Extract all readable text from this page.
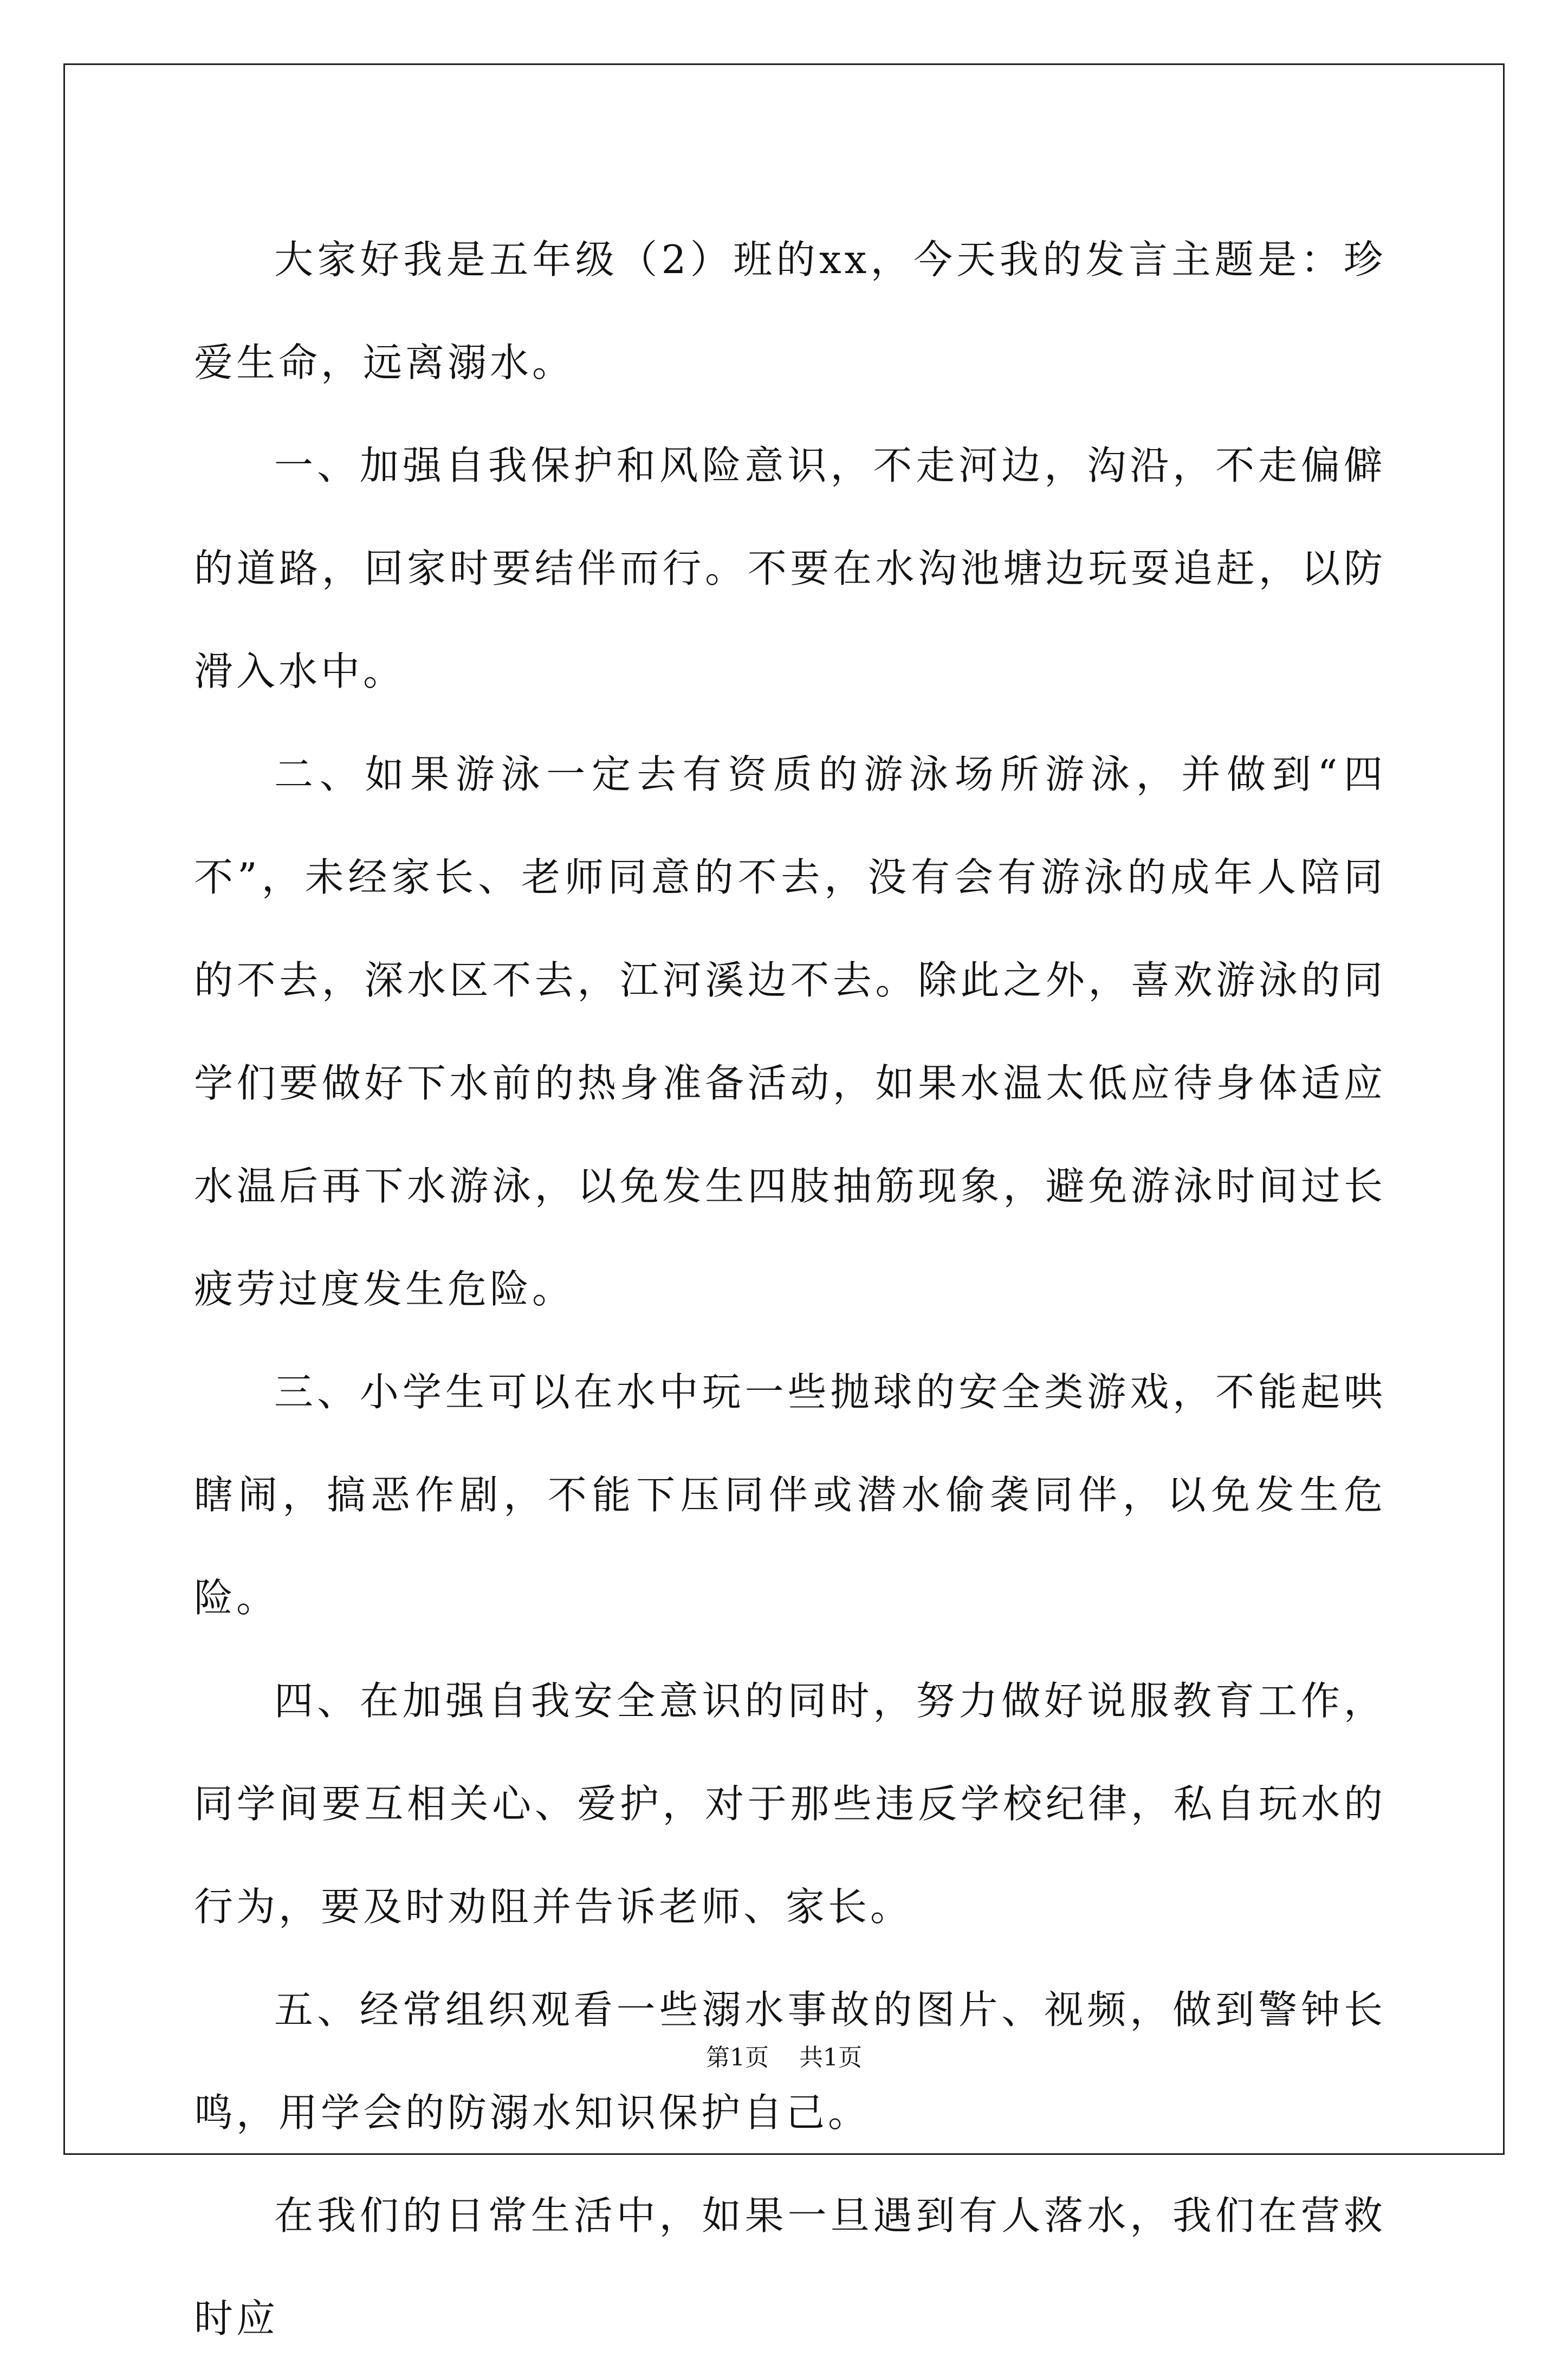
大家好我是五年级（2）班的xx，今天我的发言主题是：珍爱生命，远离溺水。

一、加强自我保护和风险意识，不走河边，沟沿，不走偏僻的道路，回家时要结伴而行。不要在水沟池塘边玩耍追赶，以防滑入水中。

二、如果游泳一定去有资质的游泳场所游泳，并做到“四不”，未经家长、老师同意的不去，没有会有游泳的成年人陪同的不去，深水区不去，江河溪边不去。除此之外，喜欢游泳的同学们要做好下水前的热身准备活动，如果水温太低应待身体适应水温后再下水游泳，以免发生四肢抽筋现象，避免游泳时间过长疲劳过度发生危险。

三、小学生可以在水中玩一些抛球的安全类游戏，不能起哄瞎闹，搞恶作剧，不能下压同伴或潜水偷袭同伴，以免发生危险。

四、在加强自我安全意识的同时，努力做好说服教育工作，同学间要互相关心、爱护，对于那些违反学校纪律，私自玩水的行为，要及时劝阻并告诉老师、家长。

五、经常组织观看一些溺水事故的图片、视频，做到警钟长鸣，用学会的防溺水知识保护自己。

在我们的日常生活中，如果一旦遇到有人落水，我们在营救时应

第1页 共1页
